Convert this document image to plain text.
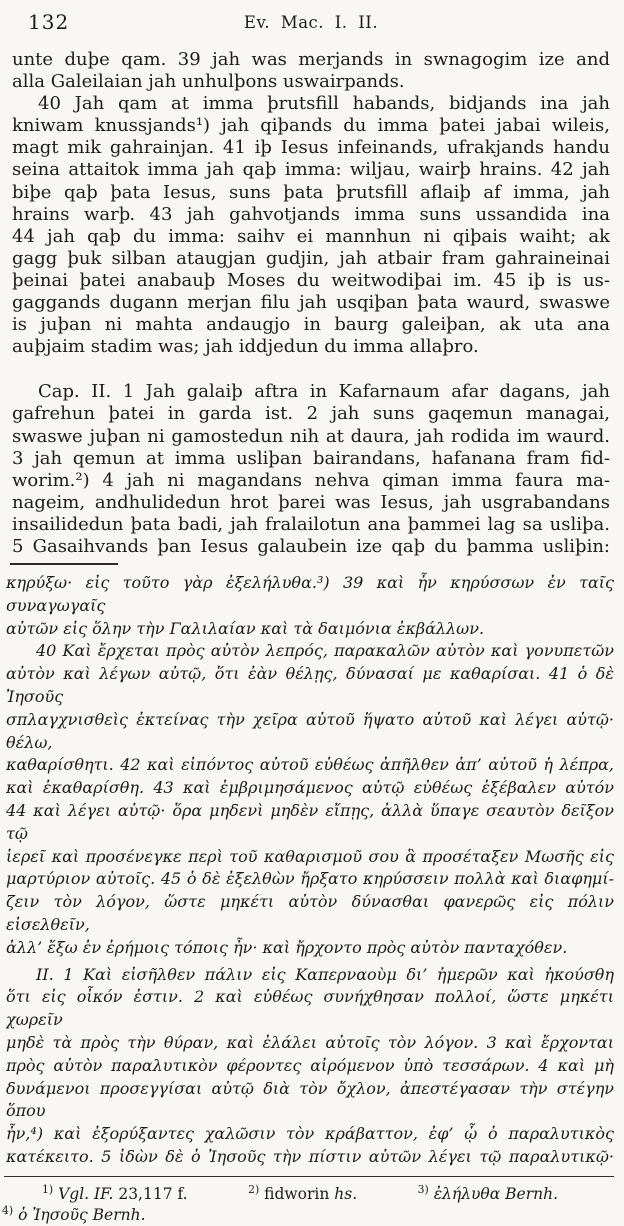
132	Ev. Mac. I. II.
unte duþe qam. 39 jah was merjands in swnagogim ize and
alla Galeilaian jah unhulþons uswairpands.
40 Jah qam at imma þrutsfill habands, bidjands ina jah
kniwam knussjands¹) jah qiþands du imma þatei jabai wileis,
magt mik gahrainjan. 41 iþ Iesus infeinands, ufrakjands handu
seina attaitok imma jah qaþ imma: wiljau, wairþ hrains. 42 jah
biþe qaþ þata Iesus, suns þata þrutsfill aflaiþ af imma, jah
hrains warþ. 43 jah gahvotjands imma suns ussandida ina
44 jah qaþ du imma: saihv ei mannhun ni qiþais waiht; ak
gagg þuk silban ataugjan gudjin, jah atbair fram gahraineinai
þeinai þatei anabauþ Moses du weitwodiþai im. 45 iþ is us-
gaggands dugann merjan filu jah usqiþan þata waurd, swaswe
is juþan ni mahta andaugjo in baurg galeiþan, ak uta ana
auþjaim stadim was; jah iddjedun du imma allaþro.
Cap. II. 1 Jah galaiþ aftra in Kafarnaum afar dagans, jah
gafrehun þatei in garda ist. 2 jah suns gaqemun managai,
swaswe juþan ni gamostedun nih at daura, jah rodida im waurd.
3 jah qemun at imma usliþan bairandans, hafanana fram fid-
worim.²) 4 jah ni magandans nehva qiman imma faura ma-
nageim, andhulidedun hrot þarei was Iesus, jah usgrabandans
insailidedun þata badi, jah fralailotun ana þammei lag sa usliþa.
5 Gasaihvands þan Iesus galaubein ize qaþ du þamma usliþin:
κηρύξω· εἰς τοῦτο γὰρ ἐξελήλυθα.³) 39 καὶ ἦν κηρύσσων ἐν ταῖς συναγωγαῖς
αὐτῶν εἰς ὅλην τὴν Γαλιλαίαν καὶ τὰ δαιμόνια ἐκβάλλων.
40 Καὶ ἔρχεται πρὸς αὐτὸν λεπρός, παρακαλῶν αὐτὸν καὶ γονυπετῶν
αὐτὸν καὶ λέγων αὐτῷ, ὅτι ἐὰν θέλῃς, δύνασαί με καθαρίσαι. 41 ὁ δὲ Ἰησοῦς
σπλαγχνισθεὶς ἐκτείνας τὴν χεῖρα αὐτοῦ ἥψατο αὐτοῦ καὶ λέγει αὐτῷ· θέλω,
καθαρίσθητι. 42 καὶ εἰπόντος αὐτοῦ εὐθέως ἀπῆλθεν ἀπ’ αὐτοῦ ἡ λέπρα,
καὶ ἐκαθαρίσθη. 43 καὶ ἐμβριμησάμενος αὐτῷ εὐθέως ἐξέβαλεν αὐτόν
44 καὶ λέγει αὐτῷ· ὅρα μηδενὶ μηδὲν εἴπῃς, ἀλλὰ ὕπαγε σεαυτὸν δεῖξον τῷ
ἱερεῖ καὶ προσένεγκε περὶ τοῦ καθαρισμοῦ σου ἃ προσέταξεν Μωσῆς εἰς
μαρτύριον αὐτοῖς. 45 ὁ δὲ ἐξελθὼν ἤρξατο κηρύσσειν πολλὰ καὶ διαφημί-
ζειν τὸν λόγον, ὥστε μηκέτι αὐτὸν δύνασθαι φανερῶς εἰς πόλιν εἰσελθεῖν,
ἀλλ’ ἔξω ἐν ἐρήμοις τόποις ἦν· καὶ ἤρχοντο πρὸς αὐτὸν πανταχόθεν.
II. 1 Καὶ εἰσῆλθεν πάλιν εἰς Καπερναοὺμ δι’ ἡμερῶν καὶ ἠκούσθη
ὅτι εἰς οἶκόν ἐστιν. 2 καὶ εὐθέως συνήχθησαν πολλοί, ὥστε μηκέτι χωρεῖν
μηδὲ τὰ πρὸς τὴν θύραν, καὶ ἐλάλει αὐτοῖς τὸν λόγον. 3 καὶ ἔρχονται
πρὸς αὐτὸν παραλυτικὸν φέροντες αἰρόμενον ὑπὸ τεσσάρων. 4 καὶ μὴ
δυνάμενοι προσεγγίσαι αὐτῷ διὰ τὸν ὄχλον, ἀπεστέγασαν τὴν στέγην ὅπου
ἦν,⁴) καὶ ἐξορύξαντες χαλῶσιν τὸν κράβαττον, ἐφ’ ᾧ ὁ παραλυτικὸς
κατέκειτο. 5 ἰδὼν δὲ ὁ Ἰησοῦς τὴν πίστιν αὐτῶν λέγει τῷ παραλυτικῷ·
$^{1)}$ Vgl. IF. 23,117 f.	$^{2)}$ fidworin hs.	$^{3)}$ ἐλήλυθα Bernh.
$^{4)}$ ὁ Ἰησοῦς Bernh.
